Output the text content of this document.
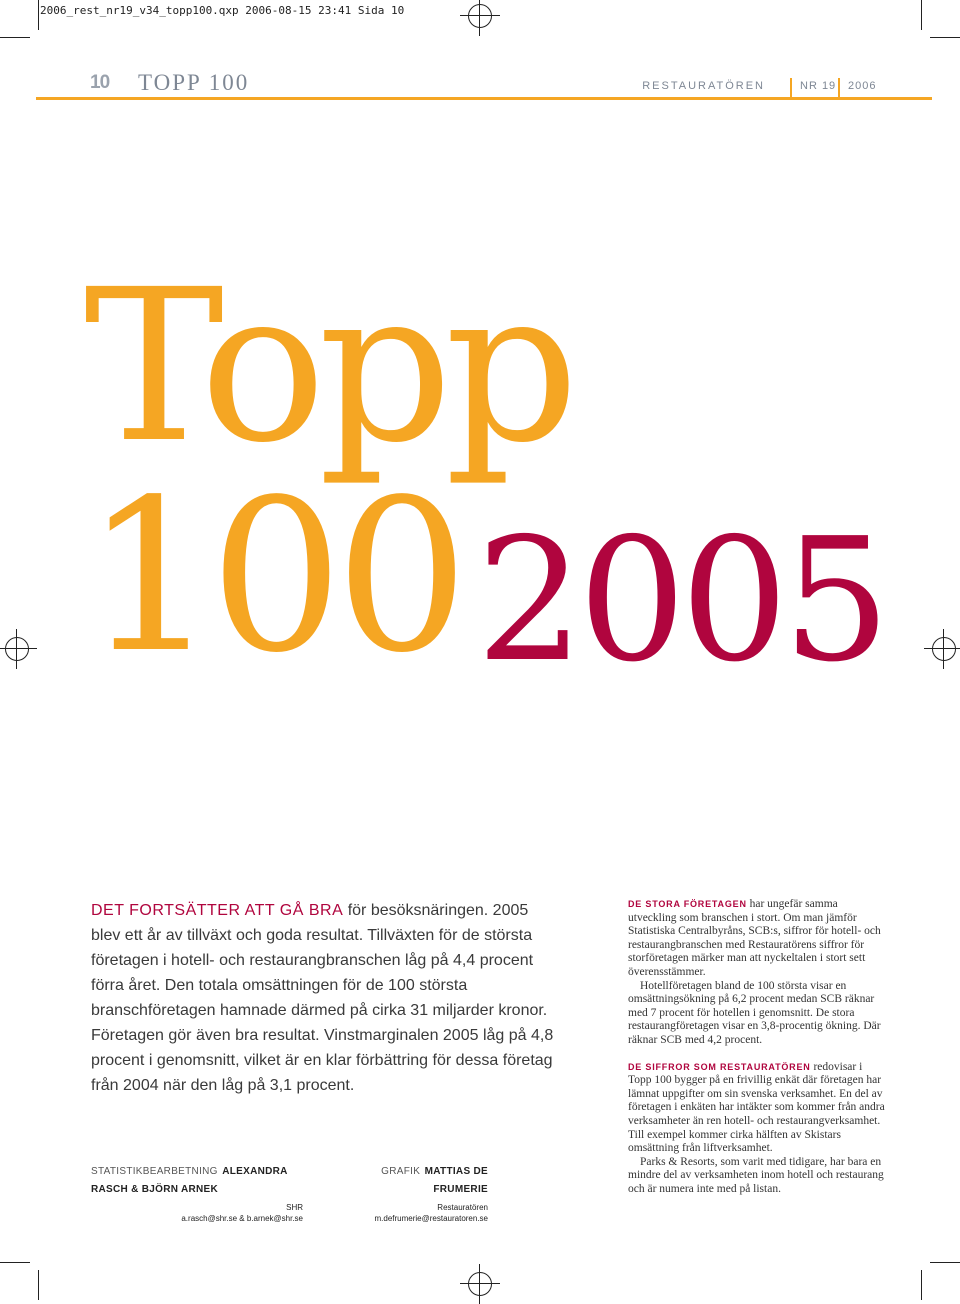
2006_rest_nr19_v34_topp100.qxp 2006-08-15 23:41 Sida 10
10 TOPP 100	RESTAURATÖREN	NR 19 2006
Topp 100 2005
DET FORTSÄTTER ATT GÅ BRA för besöksnäringen. 2005 blev ett år av tillväxt och goda resultat. Tillväxten för de största företagen i hotell- och restaurangbranschen låg på 4,4 procent förra året. Den totala omsättningen för de 100 största branschföretagen hamnade därmed på cirka 31 miljarder kronor. Företagen gör även bra resultat. Vinstmarginalen 2005 låg på 4,8 procent i genomsnitt, vilket är en klar förbättring för dessa företag från 2004 när den låg på 3,1 procent.
STATISTIKBEARBETNING ALEXANDRA RASCH & BJÖRN ARNEK
SHR
a.rasch@shr.se & b.arnek@shr.se
GRAFIK MATTIAS DE FRUMERIE
Restauratören
m.defrumerie@restauratoren.se

DE STORA FÖRETAGEN har ungefär samma utveckling som branschen i stort. Om man jämför Statistiska Centralbyråns, SCB:s, siffror för hotell- och restaurangbranschen med Restauratörens siffror för storföretagen märker man att nyckeltalen i stort sett överensstämmer.

Hotellföretagen bland de 100 största visar en omsättningsökning på 6,2 procent medan SCB räknar med 7 procent för hotellen i genomsnitt. De stora restaurangföretagen visar en 3,8-procentig ökning. Där räknar SCB med 4,2 procent.

DE SIFFROR SOM RESTAURATÖREN redovisar i Topp 100 bygger på en frivillig enkät där företagen har lämnat uppgifter om sin svenska verksamhet. En del av företagen i enkäten har intäkter som kommer från andra verksamheter än ren hotell- och restaurangverksamhet. Till exempel kommer cirka hälften av Skistars omsättning från liftverksamhet.

Parks & Resorts, som varit med tidigare, har bara en mindre del av verksamheten inom hotell och restaurang och är numera inte med på listan.
